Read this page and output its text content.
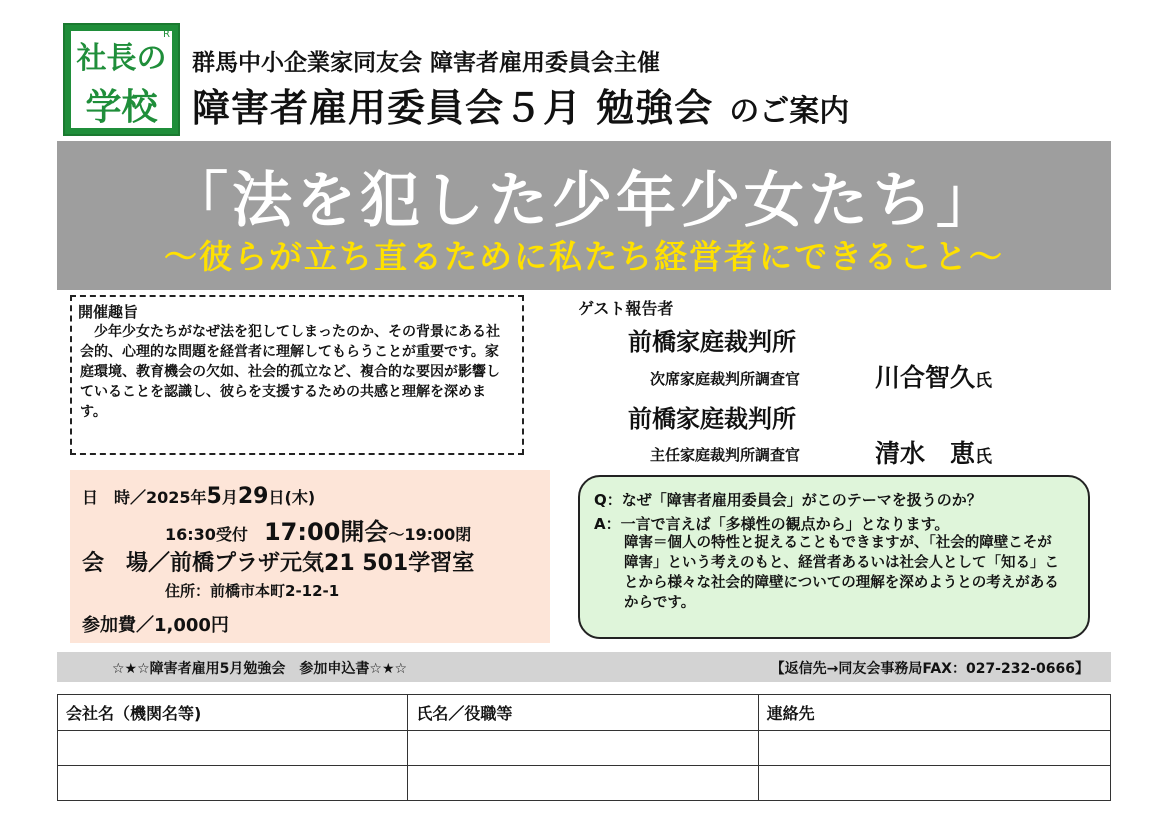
社長の
学校
R
群馬中小企業家同友会 障害者雇用委員会主催
障害者雇用委員会５月 勉強会 のご案内
「法を犯した少年少女たち」
～彼らが立ち直るために私たち経営者にできること～
開催趣旨
少年少女たちがなぜ法を犯してしまったのか、その背景にある社会的、心理的な問題を経営者に理解してもらうことが重要です。家庭環境、教育機会の欠如、社会的孤立など、複合的な要因が影響していることを認識し、彼らを支援するための共感と理解を深めます。
日　時／2025年5月29日(木)
16:30受付　 17:00開会～19:00閉
会　場／前橋プラザ元気21 501学習室
住所：前橋市本町2-12-1
参加費／1,000円
ゲスト報告者
前橋家庭裁判所
次席家庭裁判所調査官	川合智久氏
前橋家庭裁判所
主任家庭裁判所調査官	清水　恵氏
Q：なぜ「障害者雇用委員会」がこのテーマを扱うのか？
A：一言で言えば「多様性の観点から」となります。
障害＝個人の特性と捉えることもできますが、「社会的障壁こそが障害」という考えのもと、経営者あるいは社会人として「知る」ことから様々な社会的障壁についての理解を深めようとの考えがあるからです。
☆★☆障害者雇用5月勉強会　参加申込書☆★☆	【返信先→同友会事務局FAX：027-232-0666】
会社名（機関名等)	氏名／役職等	連絡先
